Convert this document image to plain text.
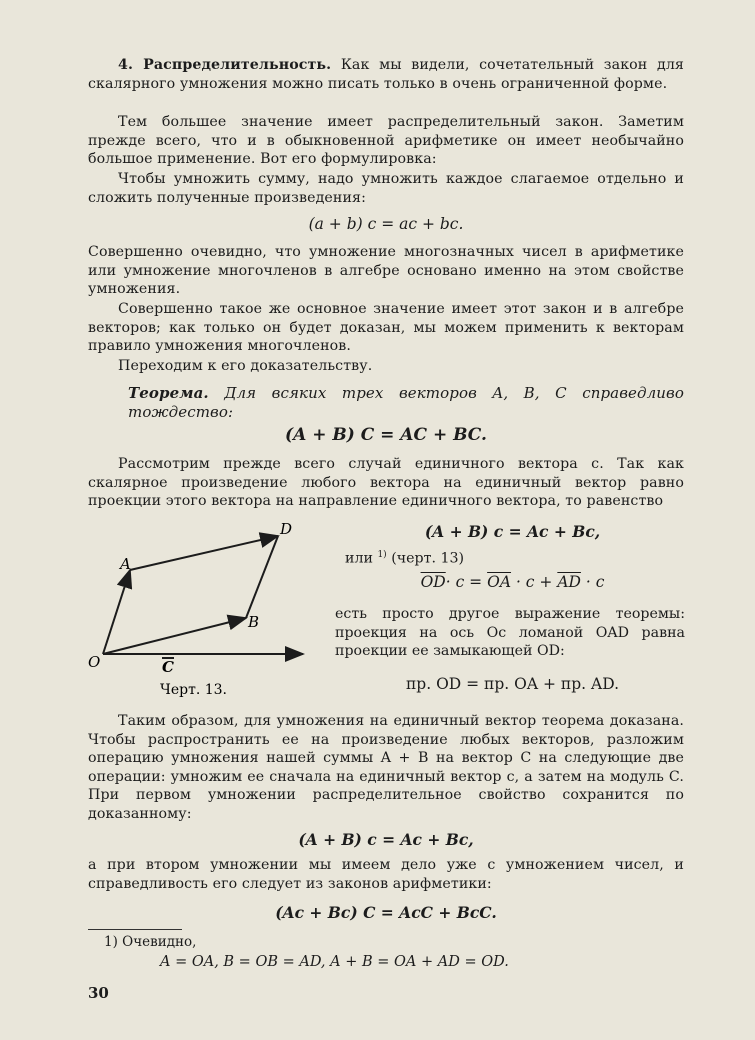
4. Распределительность. Как мы видели, сочетательный закон для скалярного умножения можно писать только в очень ограниченной форме.
Тем большее значение имеет распределительный закон. Заметим прежде всего, что и в обыкновенной арифметике он имеет необычайно большое применение. Вот его формулировка:
Чтобы умножить сумму, надо умножить каждое слагаемое отдельно и сложить полученные произведения:
(a + b) c = ac + bc.
Совершенно очевидно, что умножение многозначных чисел в арифметике или умножение многочленов в алгебре основано именно на этом свойстве умножения.
Совершенно такое же основное значение имеет этот закон и в алгебре векторов; как только он будет доказан, мы можем применить к векторам правило умножения многочленов.
Переходим к его доказательству.
Теорема. Для всяких трех векторов A, B, C справедливо тождество:
(A + B) C = AC + BC.
Рассмотрим прежде всего случай единичного вектора c. Так как скалярное произведение любого вектора на единичный вектор равно проекции этого вектора на направление единичного вектора, то равенство
O
A
B
D
C
Черт. 13.
(A + B) c = Ac + Bc,
или $^{1)}$ (черт. 13)
$\overline{OD}\cdot c = \overline{OA} \cdot c + \overline{AD} \cdot c$
есть просто другое выражение теоремы: проекция на ось Oc ломаной OAD равна проекции ее замыкающей OD:
пр. OD = пр. OA + пр. AD.
Таким образом, для умножения на единичный вектор теорема доказана. Чтобы распространить ее на произведение любых векторов, разложим операцию умножения нашей суммы A + B на вектор C на следующие две операции: умножим ее сначала на единичный вектор c, а затем на модуль C. При первом умножении распределительное свойство сохранится по доказанному:
(A + B) c = Ac + Bc,
а при втором умножении мы имеем дело уже с умножением чисел, и справедливость его следует из законов арифметики:
(Ac + Bc) C = AcC + BcC.
1) Очевидно,
A = OA, B = OB = AD, A + B = OA + AD = OD.
30
